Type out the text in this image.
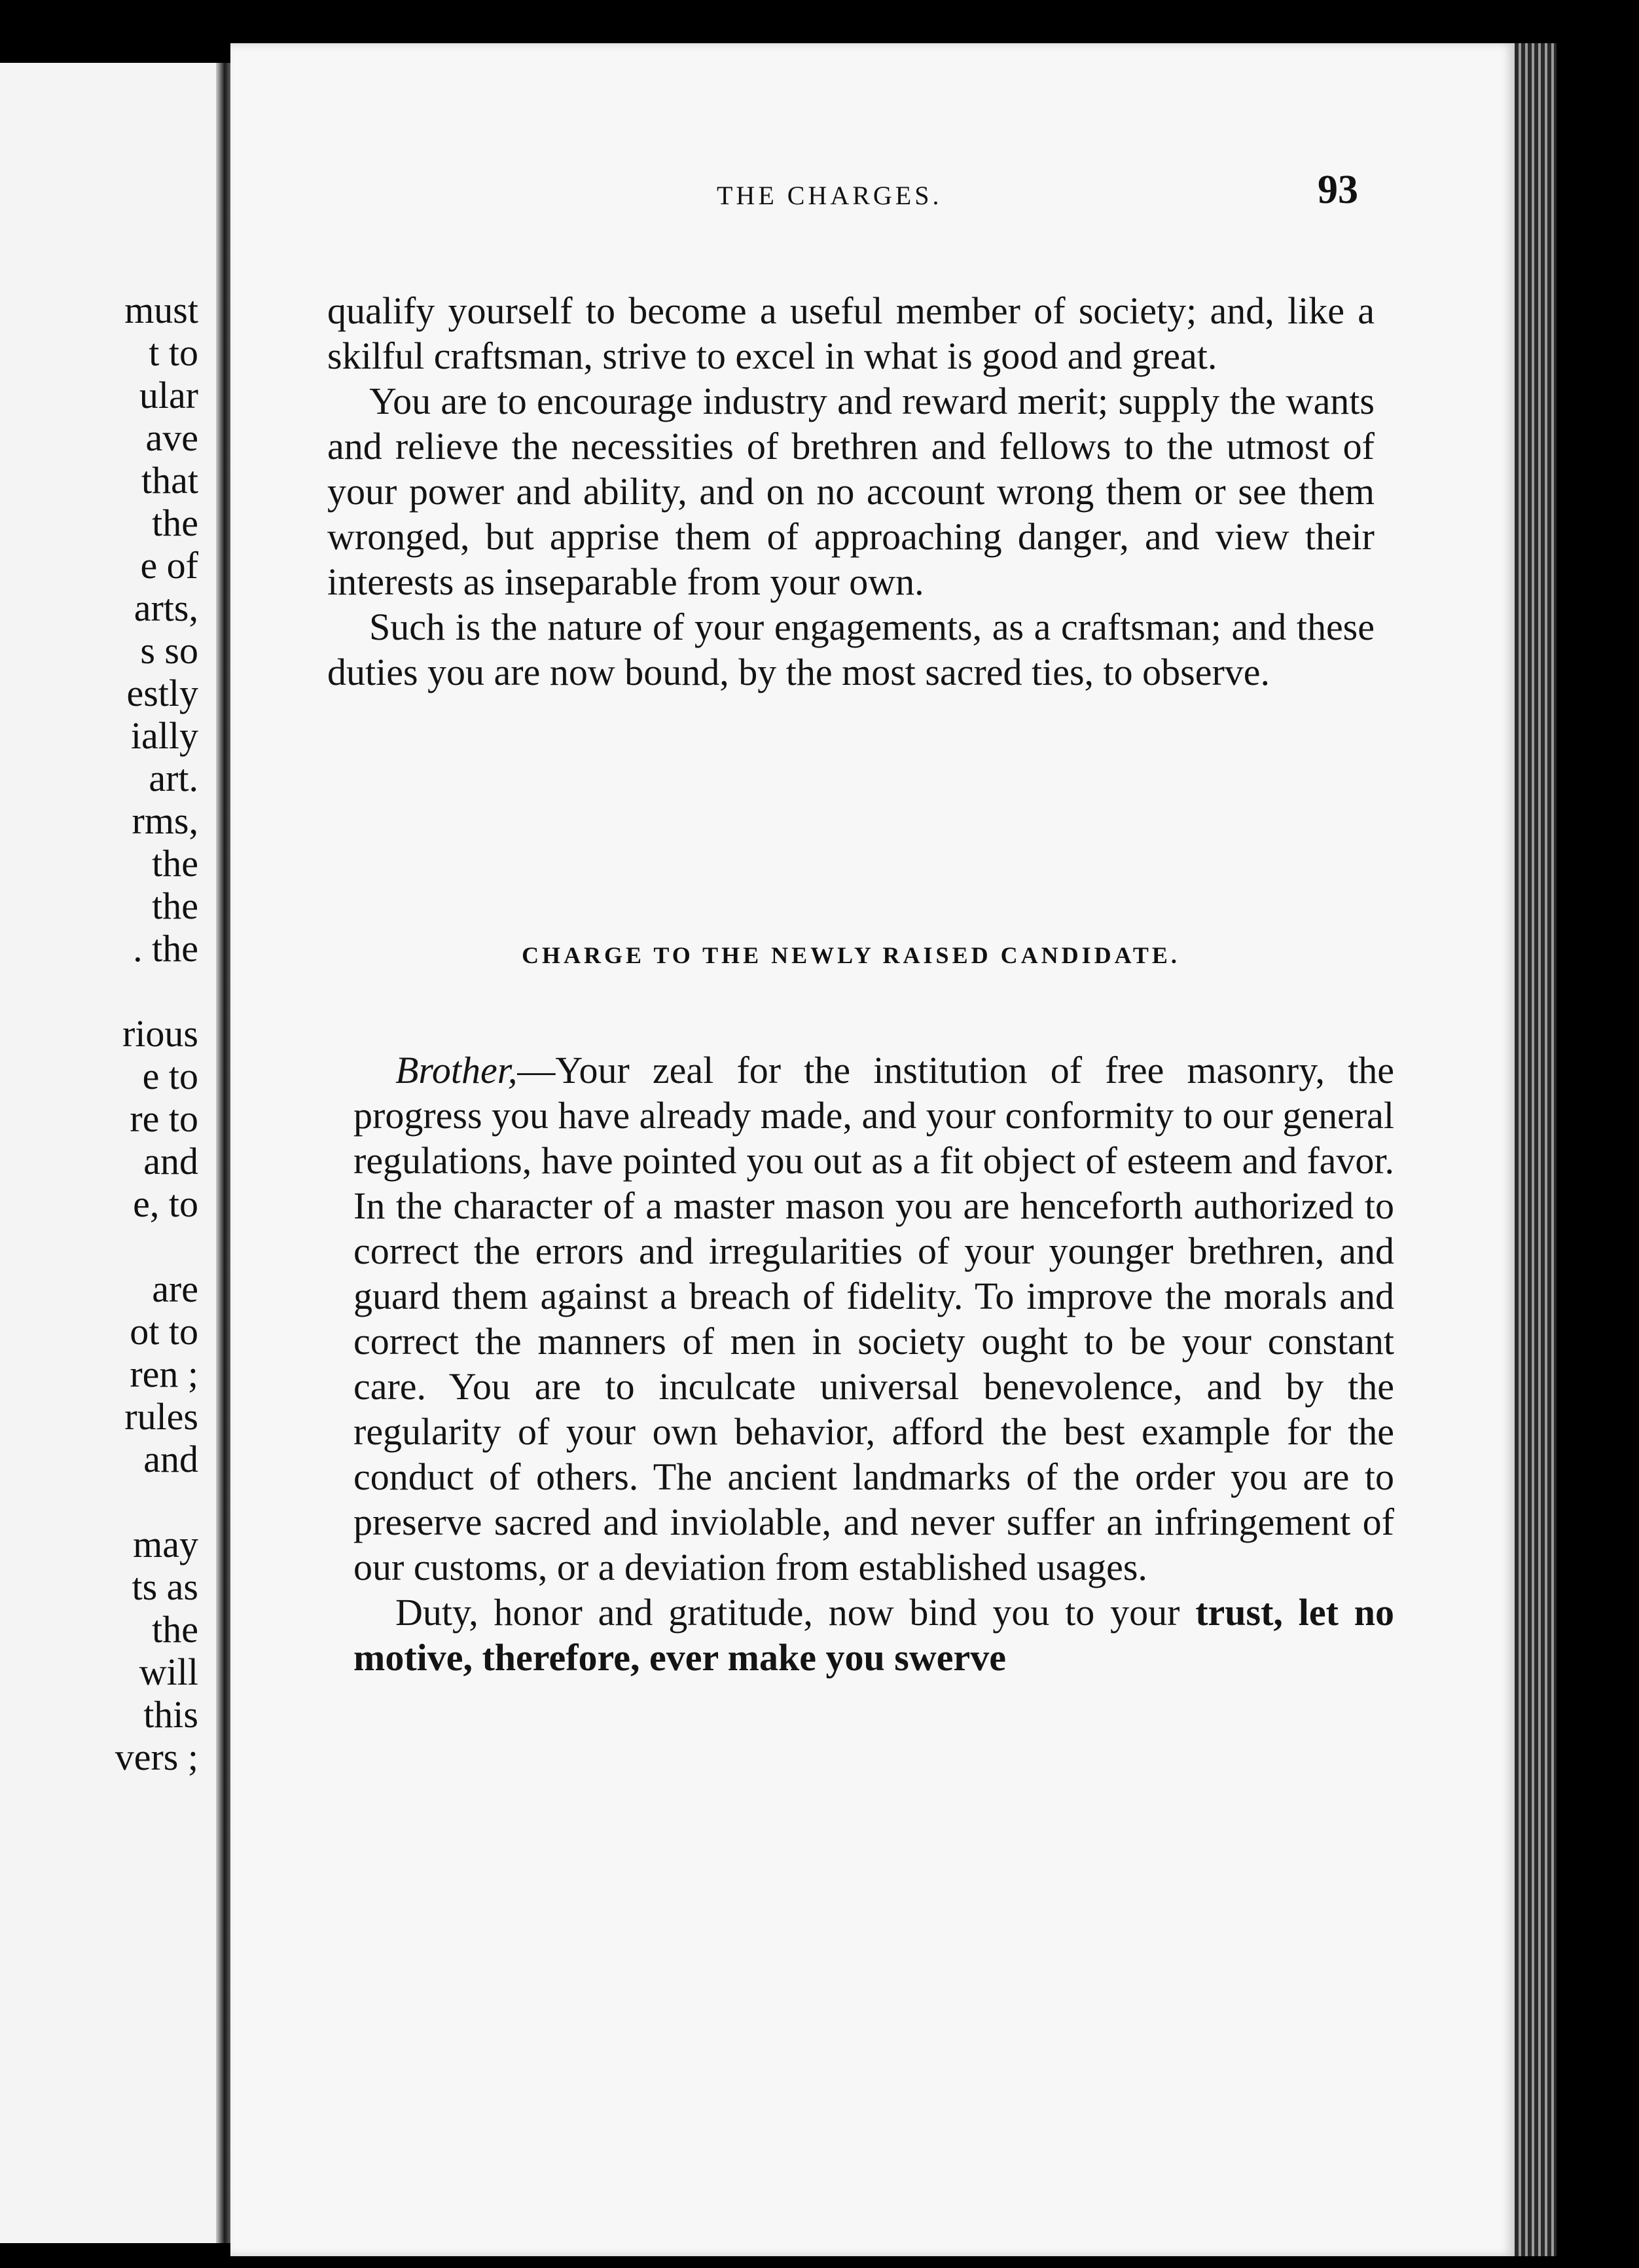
must
t to
ular
ave
that
the
e of
arts,
s so
estly
ially
art.
rms,
the
the
. the
rious
e to
re to
and
e, to
are
ot to
ren ;
rules
and
may
ts as
the
will
this
vers ;
THE CHARGES.	93

qualify yourself to become a useful member of society; and, like a skilful craftsman, strive to excel in what is good and great.

You are to encourage industry and reward merit; supply the wants and relieve the necessities of brethren and fellows to the utmost of your power and ability, and on no account wrong them or see them wronged, but apprise them of approaching danger, and view their interests as inseparable from your own.

Such is the nature of your engagements, as a craftsman; and these duties you are now bound, by the most sacred ties, to observe.

CHARGE TO THE NEWLY RAISED CANDIDATE.

Brother,—Your zeal for the institution of free masonry, the progress you have already made, and your conformity to our general regulations, have pointed you out as a fit object of esteem and favor. In the character of a master mason you are henceforth authorized to correct the errors and irregularities of your younger brethren, and guard them against a breach of fidelity. To improve the morals and correct the manners of men in society ought to be your constant care. You are to inculcate universal benevolence, and by the regularity of your own behavior, afford the best example for the conduct of others. The ancient landmarks of the order you are to preserve sacred and inviolable, and never suffer an infringement of our customs, or a deviation from established usages.

Duty, honor and gratitude, now bind you to your trust, let no motive, therefore, ever make you swerve
